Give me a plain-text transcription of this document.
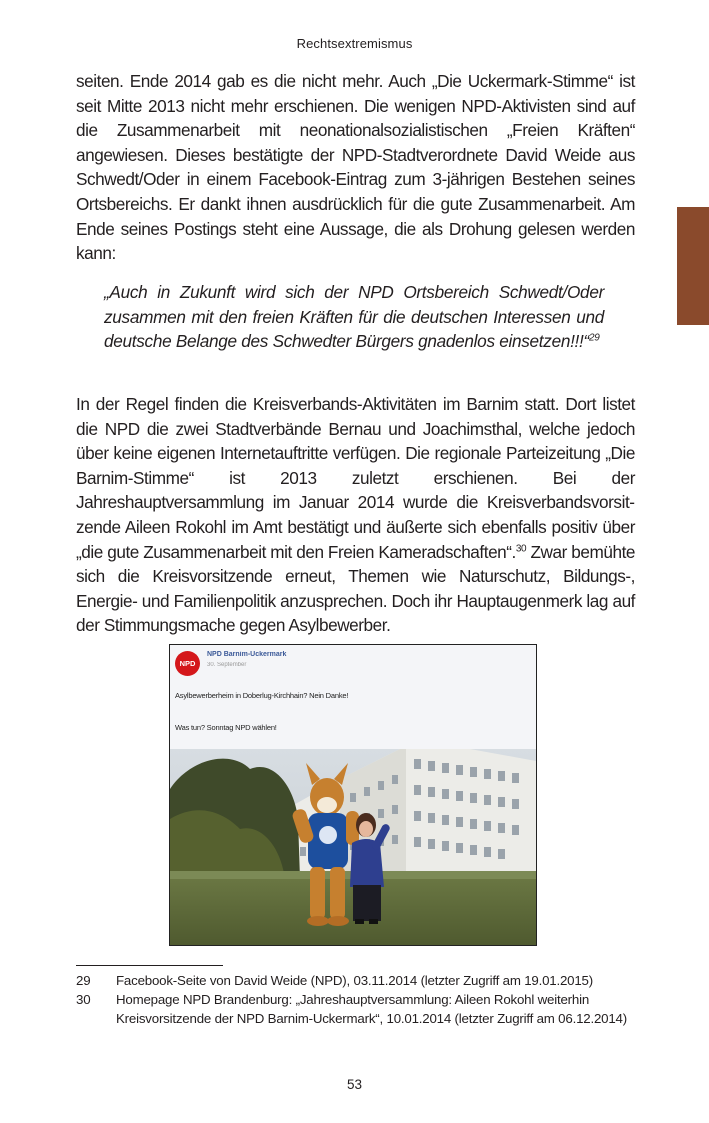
Rechtsextremismus
seiten. Ende 2014 gab es die nicht mehr. Auch „Die Uckermark-Stimme“ ist seit Mitte 2013 nicht mehr erschienen. Die wenigen NPD-Aktivisten sind auf die Zusammenarbeit mit neonationalsozialistischen „Freien Kräften“ angewiesen. Dieses bestätigte der NPD-Stadtverordnete David Weide aus Schwedt/Oder in einem Facebook-Eintrag zum 3-jährigen Bestehen seines Ortsbereichs. Er dankt ihnen ausdrücklich für die gute Zusammenarbeit. Am Ende seines Postings steht eine Aussage, die als Drohung gelesen werden kann:
„Auch in Zukunft wird sich der NPD Ortsbereich Schwedt/Oder zusammen mit den freien Kräften für die deutschen Interessen und deutsche Belange des Schwedter Bürgers gnadenlos einsetzen!!!“$^{29}$
In der Regel finden die Kreisverbands-Aktivitäten im Barnim statt. Dort listet die NPD die zwei Stadtverbände Bernau und Joachimsthal, welche jedoch über keine eigenen Internetauftritte verfügen. Die regionale Parteizeitung „Die Barnim-Stimme“ ist 2013 zuletzt erschienen. Bei der Jahreshauptversammlung im Januar 2014 wurde die Kreisverbandsvorsitzende Aileen Rokohl im Amt bestätigt und äußerte sich ebenfalls positiv über „die gute Zusammenarbeit mit den Freien Kameradschaften“.$^{30}$ Zwar bemühte sich die Kreisvorsitzende erneut, Themen wie Naturschutz, Bildungs-, Energie- und Familienpolitik anzusprechen. Doch ihr Hauptaugenmerk lag auf der Stimmungsmache gegen Asylbewerber.
NPD
NPD Barnim-Uckermark
30. September
Asylbewerberheim in Doberlug-Kirchhain? Nein Danke!
Was tun? Sonntag NPD wählen!
29	Facebook-Seite von David Weide (NPD), 03.11.2014 (letzter Zugriff am 19.01.2015)
30	Homepage NPD Brandenburg: „Jahreshauptversammlung: Aileen Rokohl weiterhin Kreisvorsitzende der NPD Barnim-Uckermark“, 10.01.2014 (letzter Zugriff am 06.12.2014)
53
